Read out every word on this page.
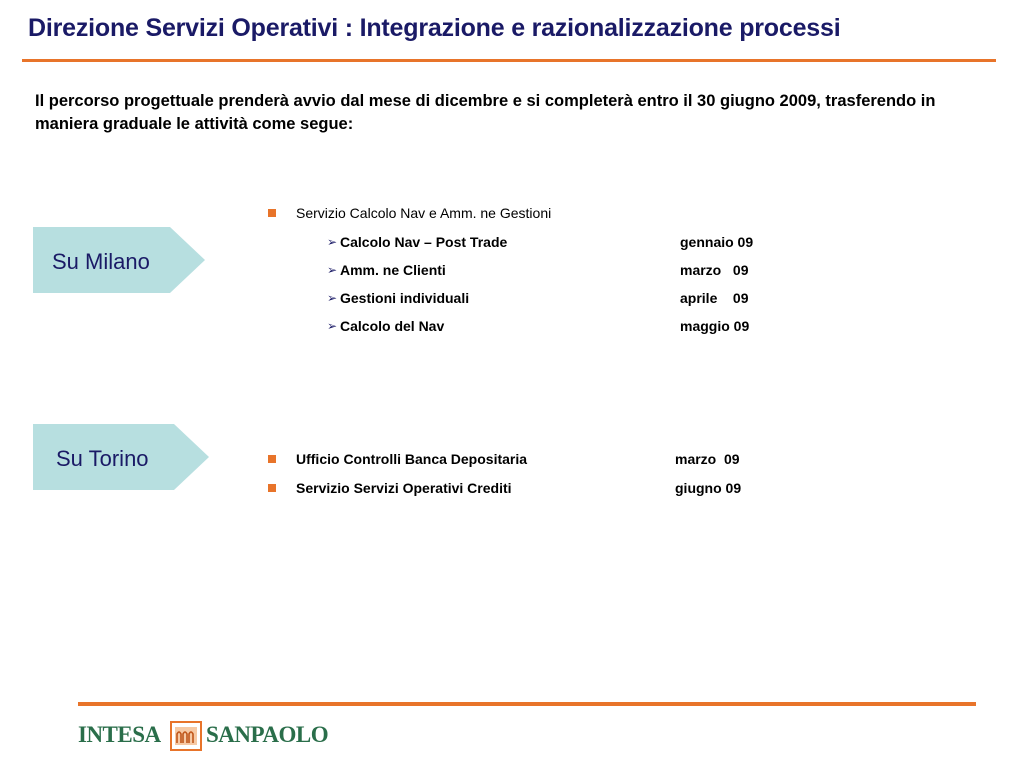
Direzione Servizi Operativi : Integrazione e razionalizzazione processi
Il percorso progettuale prenderà avvio dal mese di dicembre e si completerà entro il 30 giugno 2009, trasferendo in maniera graduale le attività come segue:
Su Milano
Servizio Calcolo Nav e Amm. ne Gestioni
➢ Calcolo Nav – Post Trade	gennaio 09
➢ Amm. ne Clienti	marzo   09
➢ Gestioni individuali	aprile    09
➢ Calcolo del Nav	maggio 09
Su Torino	Ufficio Controlli Banca Depositaria	marzo  09
Servizio Servizi Operativi Crediti	giugno 09
INTESA SANPAOLO
